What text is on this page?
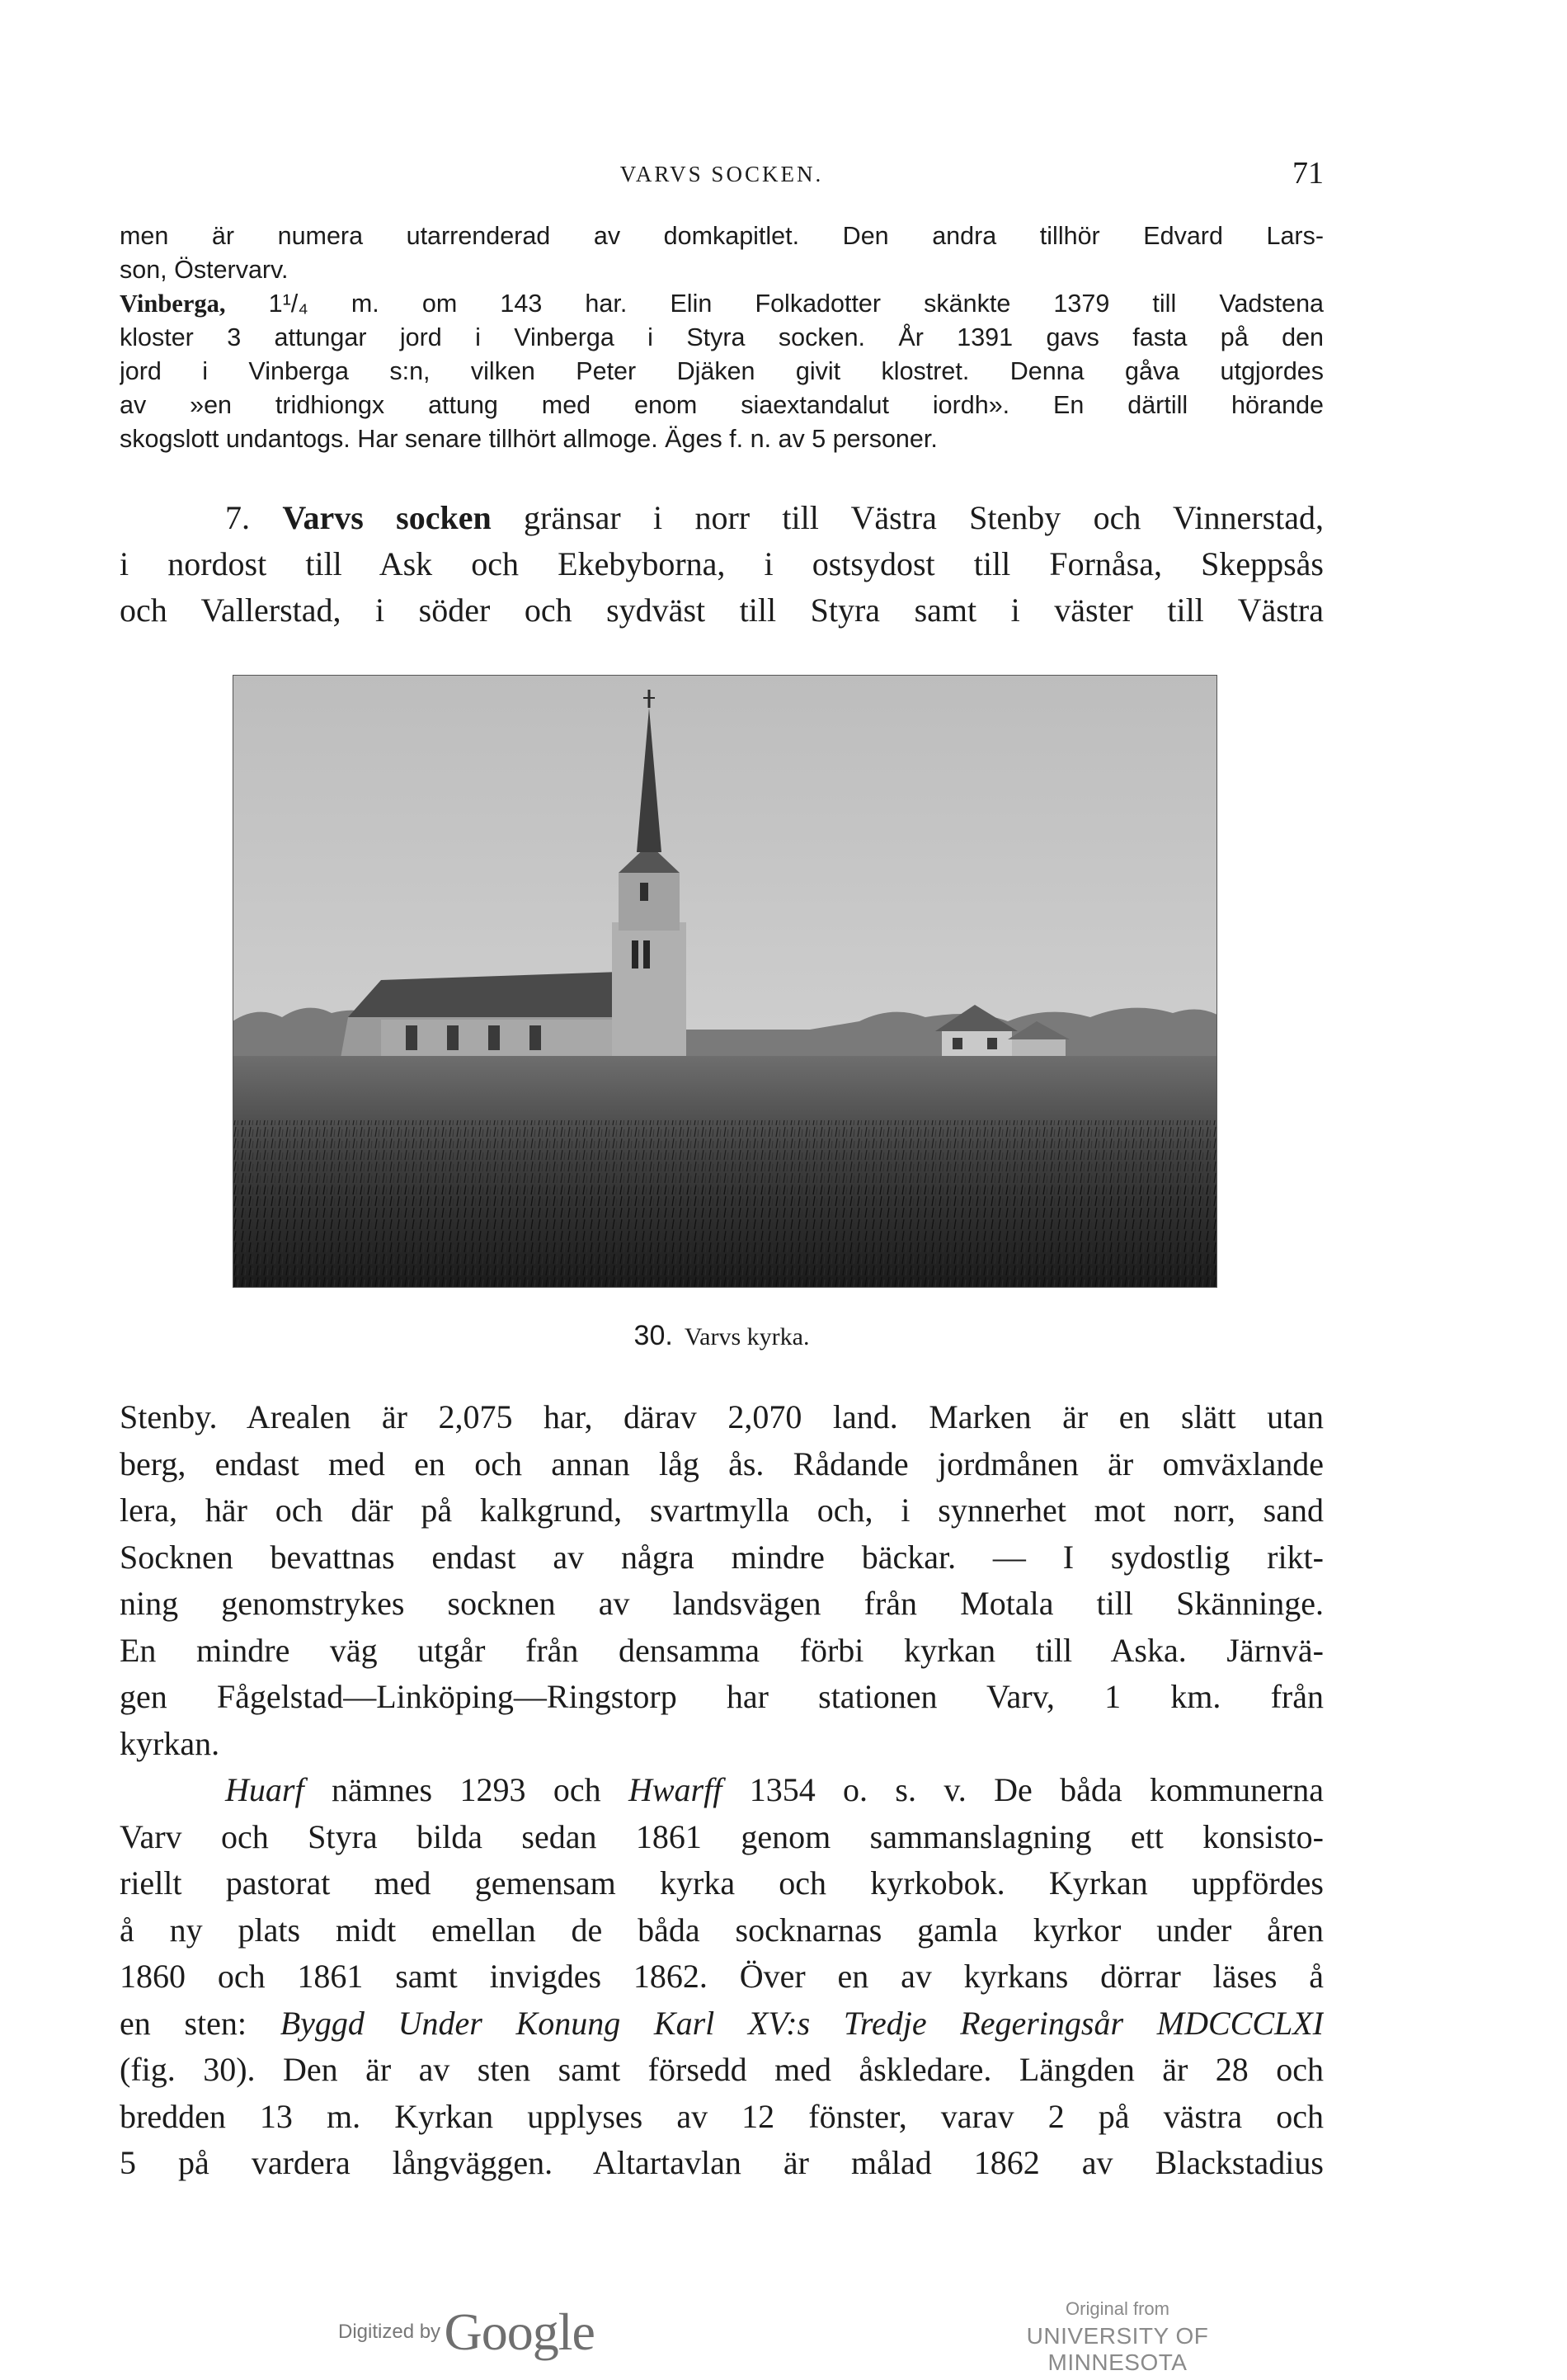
VARVS SOCKEN.	71
men är numera utarrenderad av domkapitlet. Den andra tillhör Edvard Lars-
son, Östervarv.
Vinberga, 1¹/₄ m. om 143 har. Elin Folkadotter skänkte 1379 till Vadstena
kloster 3 attungar jord i Vinberga i Styra socken. År 1391 gavs fasta på den
jord i Vinberga s:n, vilken Peter Djäken givit klostret. Denna gåva utgjordes
av »en tridhiongx attung med enom siaextandalut iordh». En därtill hörande
skogslott undantogs. Har senare tillhört allmoge. Äges f. n. av 5 personer.
7. Varvs socken gränsar i norr till Västra Stenby och Vinnerstad,
i nordost till Ask och Ekebyborna, i ostsydost till Fornåsa, Skeppsås
och Vallerstad, i söder och sydväst till Styra samt i väster till Västra
30. Varvs kyrka.
Stenby. Arealen är 2,075 har, därav 2,070 land. Marken är en slätt utan
berg, endast med en och annan låg ås. Rådande jordmånen är omväxlande
lera, här och där på kalkgrund, svartmylla och, i synnerhet mot norr, sand
Socknen bevattnas endast av några mindre bäckar. — I sydostlig rikt-
ning genomstrykes socknen av landsvägen från Motala till Skänninge.
En mindre väg utgår från densamma förbi kyrkan till Aska. Järnvä-
gen Fågelstad—Linköping—Ringstorp har stationen Varv, 1 km. från
kyrkan.
Huarf nämnes 1293 och Hwarff 1354 o. s. v. De båda kommunerna
Varv och Styra bilda sedan 1861 genom sammanslagning ett konsisto-
riellt pastorat med gemensam kyrka och kyrkobok. Kyrkan uppfördes
å ny plats midt emellan de båda socknarnas gamla kyrkor under åren
1860 och 1861 samt invigdes 1862. Över en av kyrkans dörrar läses å
en sten: Byggd Under Konung Karl XV:s Tredje Regeringsår MDCCCLXI
(fig. 30). Den är av sten samt försedd med åskledare. Längden är 28 och
bredden 13 m. Kyrkan upplyses av 12 fönster, varav 2 på västra och
5 på vardera långväggen. Altartavlan är målad 1862 av Blackstadius
Digitized by Google	Original from
UNIVERSITY OF MINNESOTA
